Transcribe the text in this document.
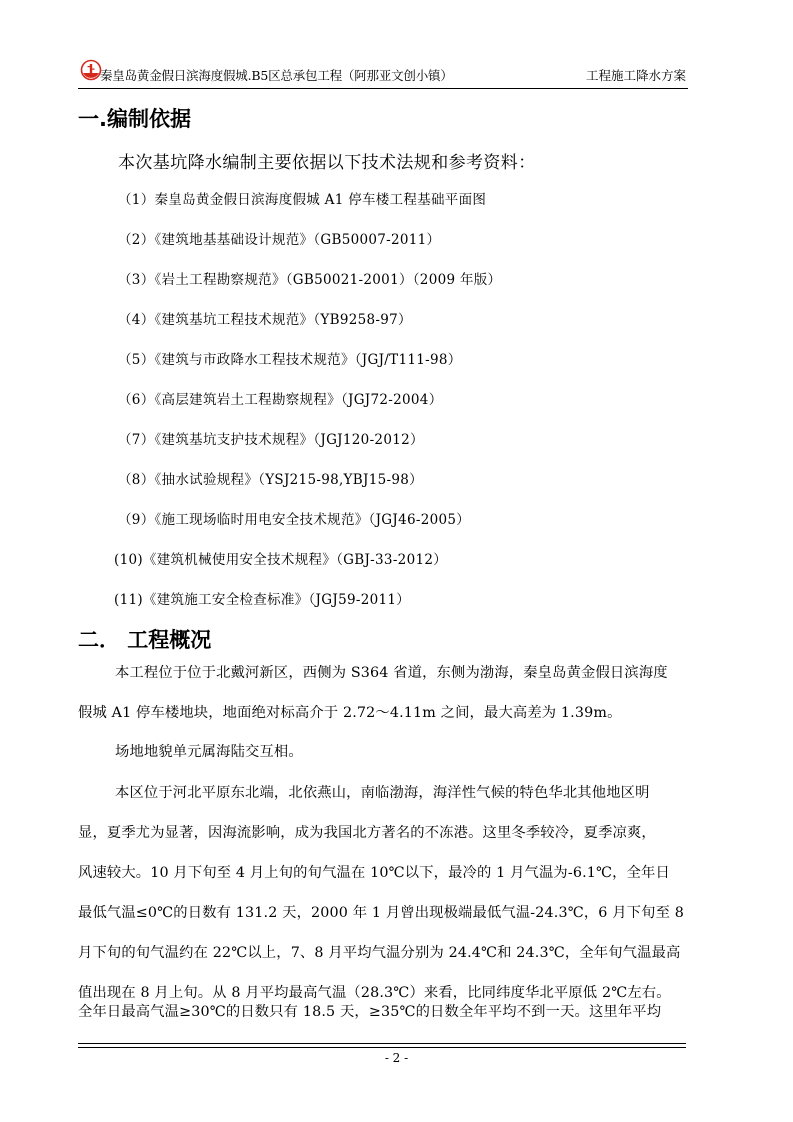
秦皇岛黄金假日滨海度假城.B5区总承包工程（阿那亚文创小镇）	工程施工降水方案
一.编制依据
本次基坑降水编制主要依据以下技术法规和参考资料：
（1）秦皇岛黄金假日滨海度假城 A1 停车楼工程基础平面图
（2）《建筑地基基础设计规范》（GB50007-2011）
（3）《岩土工程勘察规范》（GB50021-2001）（2009 年版）
（4）《建筑基坑工程技术规范》（YB9258-97）
（5）《建筑与市政降水工程技术规范》（JGJ/T111-98）
（6）《高层建筑岩土工程勘察规程》（JGJ72-2004）
（7）《建筑基坑支护技术规程》（JGJ120-2012）
（8）《抽水试验规程》（YSJ215-98,YBJ15-98）
（9）《施工现场临时用电安全技术规范》（JGJ46-2005）
(10)《建筑机械使用安全技术规程》（GBJ-33-2012）
(11)《建筑施工安全检查标准》（JGJ59-2011）
二． 工程概况
本工程位于位于北戴河新区，西侧为 S364 省道，东侧为渤海，秦皇岛黄金假日滨海度
假城 A1 停车楼地块，地面绝对标高介于 2.72～4.11m 之间，最大高差为 1.39m。
场地地貌单元属海陆交互相。
本区位于河北平原东北端，北依燕山，南临渤海，海洋性气候的特色华北其他地区明
显，夏季尤为显著，因海流影响，成为我国北方著名的不冻港。这里冬季较冷，夏季凉爽，
风速较大。10 月下旬至 4 月上旬的旬气温在 10℃以下，最冷的 1 月气温为-6.1℃，全年日
最低气温≤0℃的日数有 131.2 天，2000 年 1 月曾出现极端最低气温-24.3℃，6 月下旬至 8
月下旬的旬气温约在 22℃以上，7、8 月平均气温分别为 24.4℃和 24.3℃，全年旬气温最高
值出现在 8 月上旬。从 8 月平均最高气温（28.3℃）来看，比同纬度华北平原低 2℃左右。
全年日最高气温≥30℃的日数只有 18.5 天，≥35℃的日数全年平均不到一天。这里年平均
- 2 -
